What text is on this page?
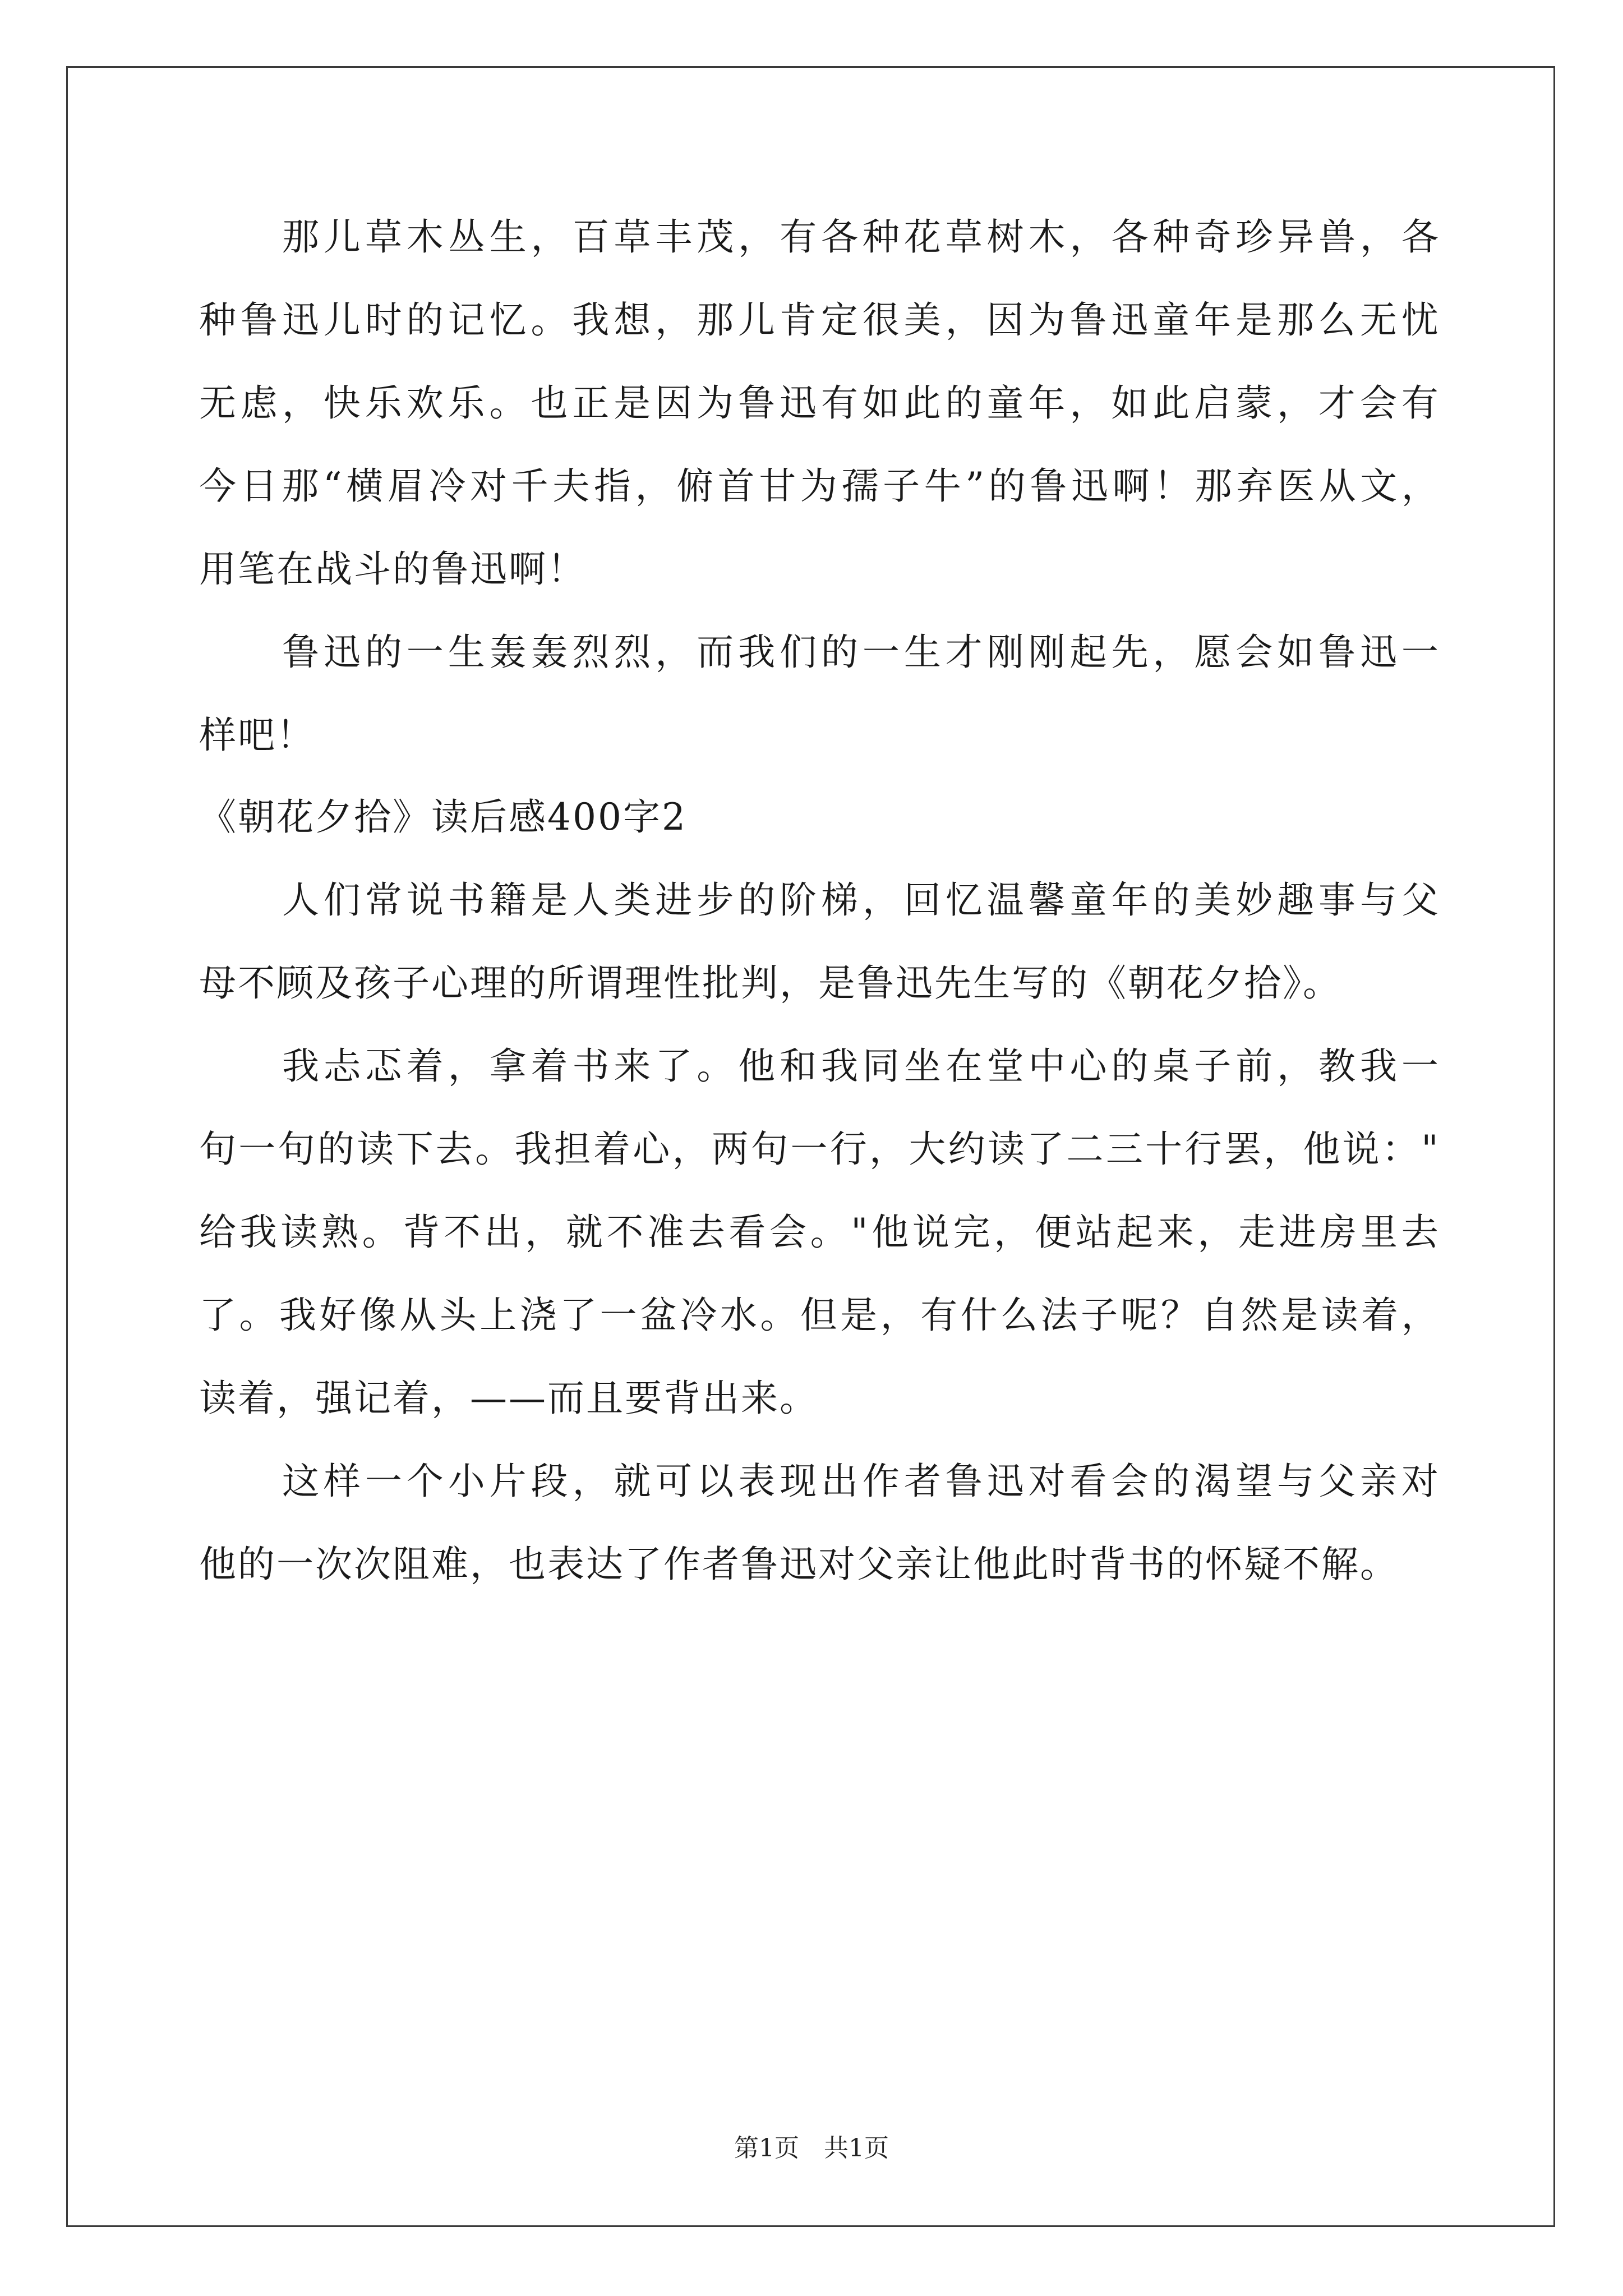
那 儿 草 木 丛 生 ， 百 草 丰 茂 ， 有 各 种 花 草 树 木 ， 各 种 奇 珍 异 兽 ， 各
种 鲁 迅 儿 时 的 记 忆 。 我 想 ， 那 儿 肯 定 很 美 ， 因 为 鲁 迅 童 年 是 那 么 无 忧
无 虑 ， 快 乐 欢 乐 。 也 正 是 因 为 鲁 迅 有 如 此 的 童 年 ， 如 此 启 蒙 ， 才 会 有
今 日 那 “ 横 眉 冷 对 千 夫 指 ， 俯 首 甘 为 孺 子 牛 ” 的 鲁 迅 啊 ！ 那 弃 医 从 文 ，
用笔在战斗的鲁迅啊！
鲁 迅 的 一 生 轰 轰 烈 烈 ， 而 我 们 的 一 生 才 刚 刚 起 先 ， 愿 会 如 鲁 迅 一
样吧！
《朝花夕拾》读后感400字2
人 们 常 说 书 籍 是 人 类 进 步 的 阶 梯 ， 回 忆 温 馨 童 年 的 美 妙 趣 事 与 父
母不顾及孩子心理的所谓理性批判，是鲁迅先生写的《朝花夕拾》。
我 忐 忑 着 ， 拿 着 书 来 了 。 他 和 我 同 坐 在 堂 中 心 的 桌 子 前 ， 教 我 一
句 一 句 的 读 下 去 。 我 担 着 心 ， 两 句 一 行 ， 大 约 读 了 二 三 十 行 罢 ， 他 说 ： "
给 我 读 熟 。 背 不 出 ， 就 不 准 去 看 会 。 " 他 说 完 ， 便 站 起 来 ， 走 进 房 里 去
了 。 我 好 像 从 头 上 浇 了 一 盆 冷 水 。 但 是 ， 有 什 么 法 子 呢 ？ 自 然 是 读 着 ，
读着，强记着，——而且要背出来。
这 样 一 个 小 片 段 ， 就 可 以 表 现 出 作 者 鲁 迅 对 看 会 的 渴 望 与 父 亲 对
他的一次次阻难，也表达了作者鲁迅对父亲让他此时背书的怀疑不解。
第1页　共1页
